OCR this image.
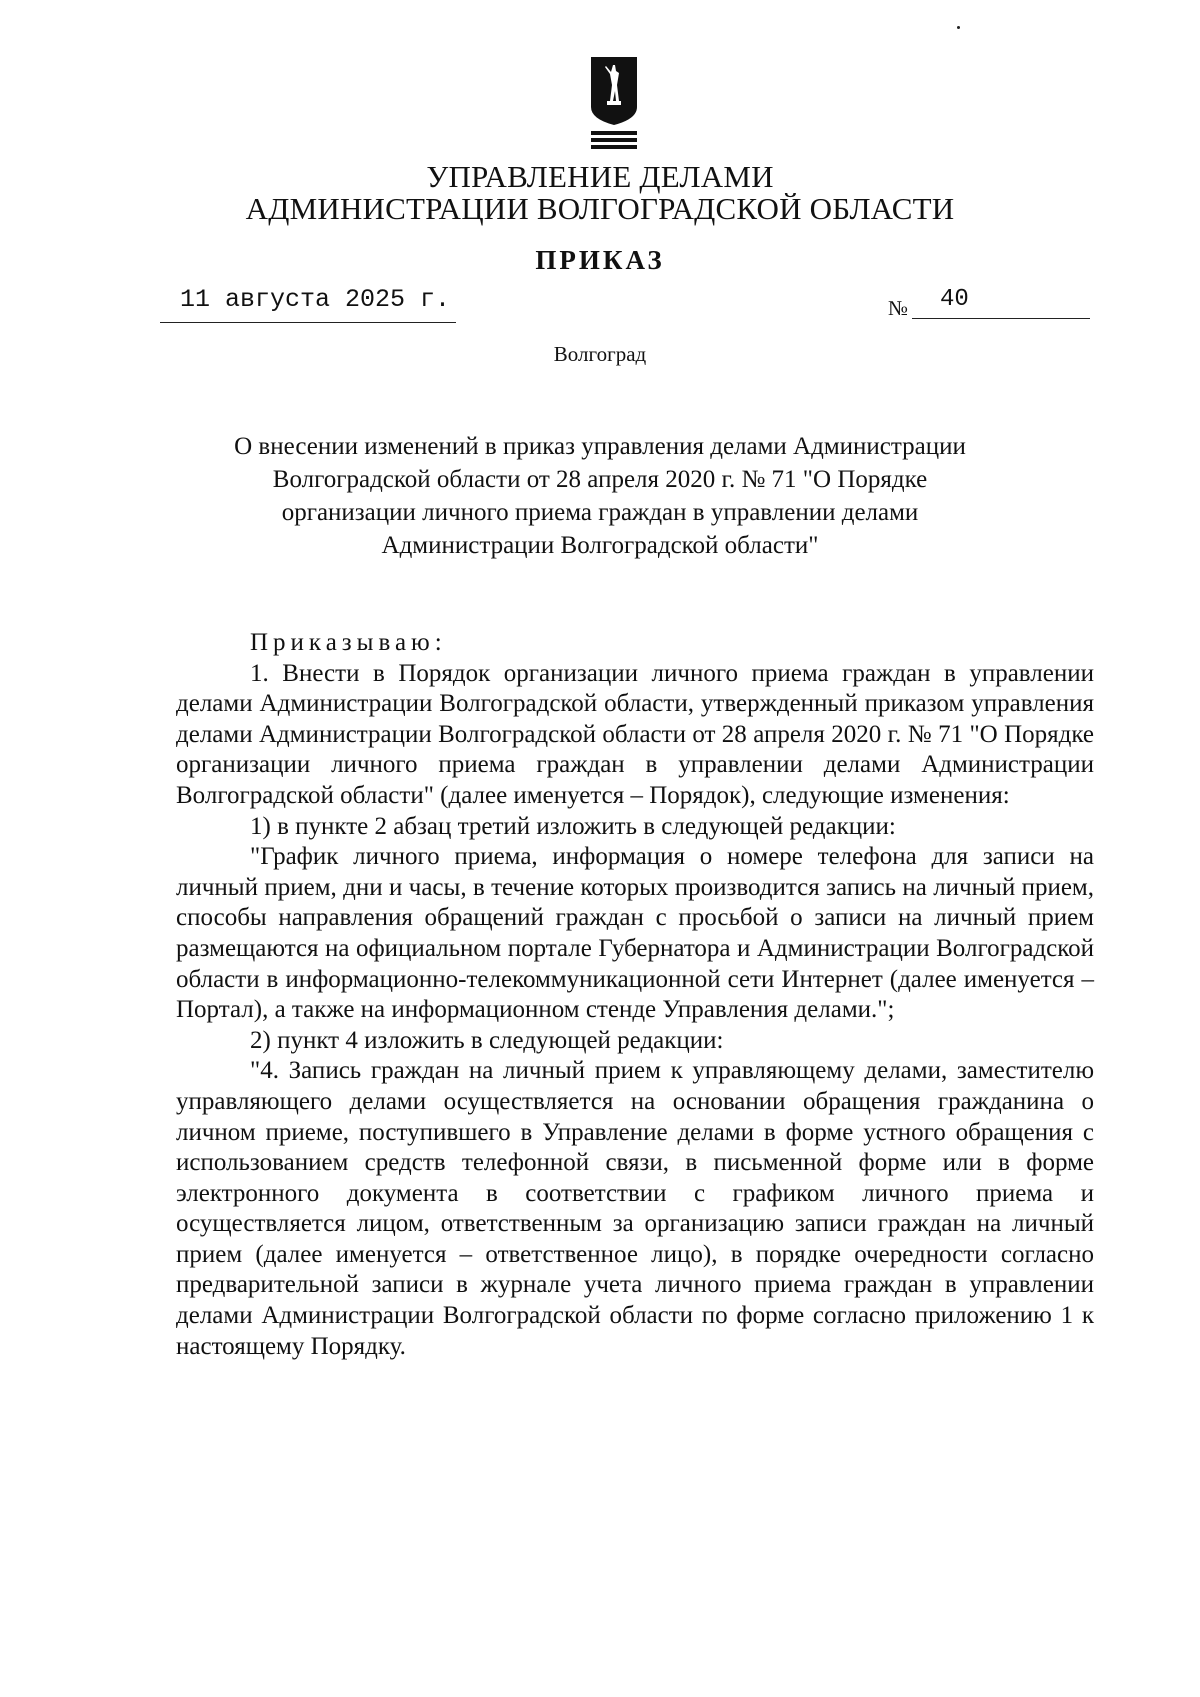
УПРАВЛЕНИЕ ДЕЛАМИ
АДМИНИСТРАЦИИ ВОЛГОГРАДСКОЙ ОБЛАСТИ
ПРИКАЗ
11 августа 2025 г.	№ 40
Волгоград
О внесении изменений в приказ управления делами Администрации
Волгоградской области от 28 апреля 2020 г. № 71 "О Порядке
организации личного приема граждан в управлении делами
Администрации Волгоградской области"

Приказываю:

1. Внести в Порядок организации личного приема граждан в управлении делами Администрации Волгоградской области, утвержденный приказом управления делами Администрации Волгоградской области от 28 апреля 2020 г. № 71 "О Порядке организации личного приема граждан в управлении делами Администрации Волгоградской области" (далее именуется – Порядок), следующие изменения:

1) в пункте 2 абзац третий изложить в следующей редакции:

"График личного приема, информация о номере телефона для записи на личный прием, дни и часы, в течение которых производится запись на личный прием, способы направления обращений граждан с просьбой о записи на личный прием размещаются на официальном портале Губернатора и Администрации Волгоградской области в информационно-телекоммуникационной сети Интернет (далее именуется – Портал), а также на информационном стенде Управления делами.";

2) пункт 4 изложить в следующей редакции:

"4. Запись граждан на личный прием к управляющему делами, заместителю управляющего делами осуществляется на основании обращения гражданина о личном приеме, поступившего в Управление делами в форме устного обращения с использованием средств телефонной связи, в письменной форме или в форме электронного документа в соответствии с графиком личного приема и осуществляется лицом, ответственным за организацию записи граждан на личный прием (далее именуется – ответственное лицо), в порядке очередности согласно предварительной записи в журнале учета личного приема граждан в управлении делами Администрации Волгоградской области по форме согласно приложению 1 к настоящему Порядку.
